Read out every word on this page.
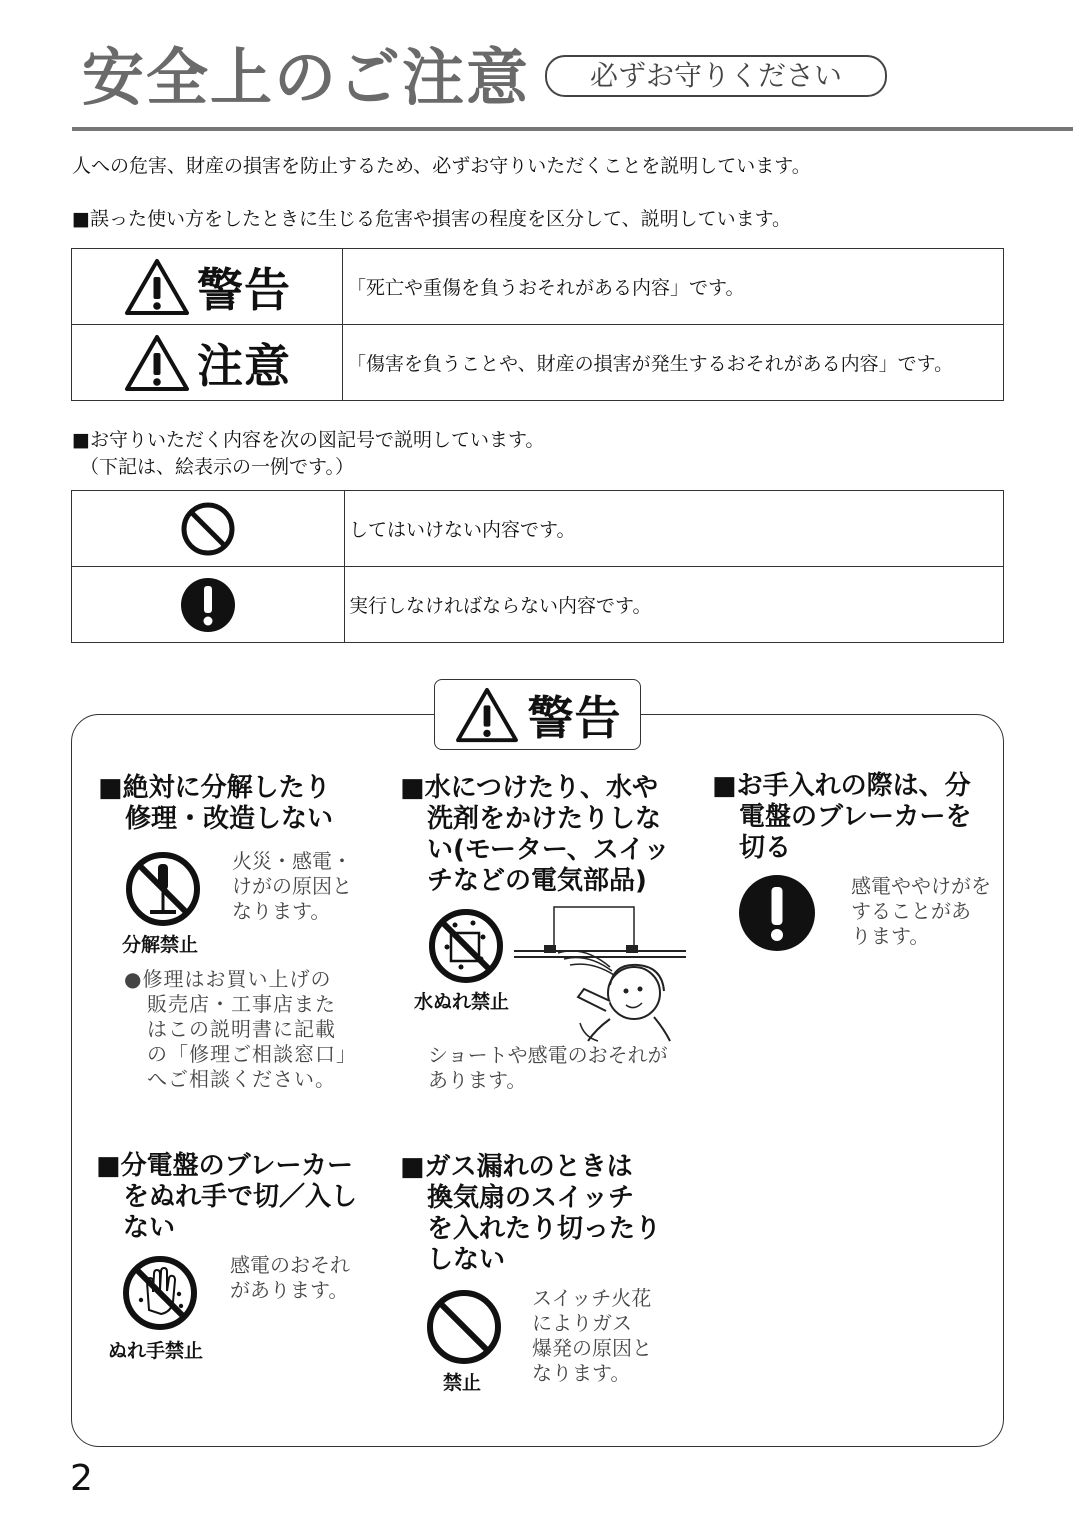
安全上のご注意	必ずお守りください
人への危害、財産の損害を防止するため、必ずお守りいただくことを説明しています。
■誤った使い方をしたときに生じる危害や損害の程度を区分して、説明しています。
警告	「死亡や重傷を負うおそれがある内容」です。

注意	「傷害を負うことや、財産の損害が発生するおそれがある内容」です。
■お守りいただく内容を次の図記号で説明しています。
（下記は、絵表示の一例です。）
	してはいけない内容です。
	実行しなければならない内容です。
警告
■絶対に分解したり
修理・改造しない
分解禁止
火災・感電・
けがの原因と
なります。
●修理はお買い上げの
販売店・工事店また
はこの説明書に記載
の「修理ご相談窓口」
へご相談ください。
■水につけたり、水や
洗剤をかけたりしな
い(モーター、スイッ
チなどの電気部品)
水ぬれ禁止
ショートや感電のおそれが
あります。
■お手入れの際は、分
電盤のブレーカーを
切る
感電ややけがを
することがあ
ります。
■分電盤のブレーカー
をぬれ手で切／入し
ない
ぬれ手禁止
感電のおそれ
があります。
■ガス漏れのときは
換気扇のスイッチ
を入れたり切ったり
しない
禁止
スイッチ火花
によりガス
爆発の原因と
なります。
2
